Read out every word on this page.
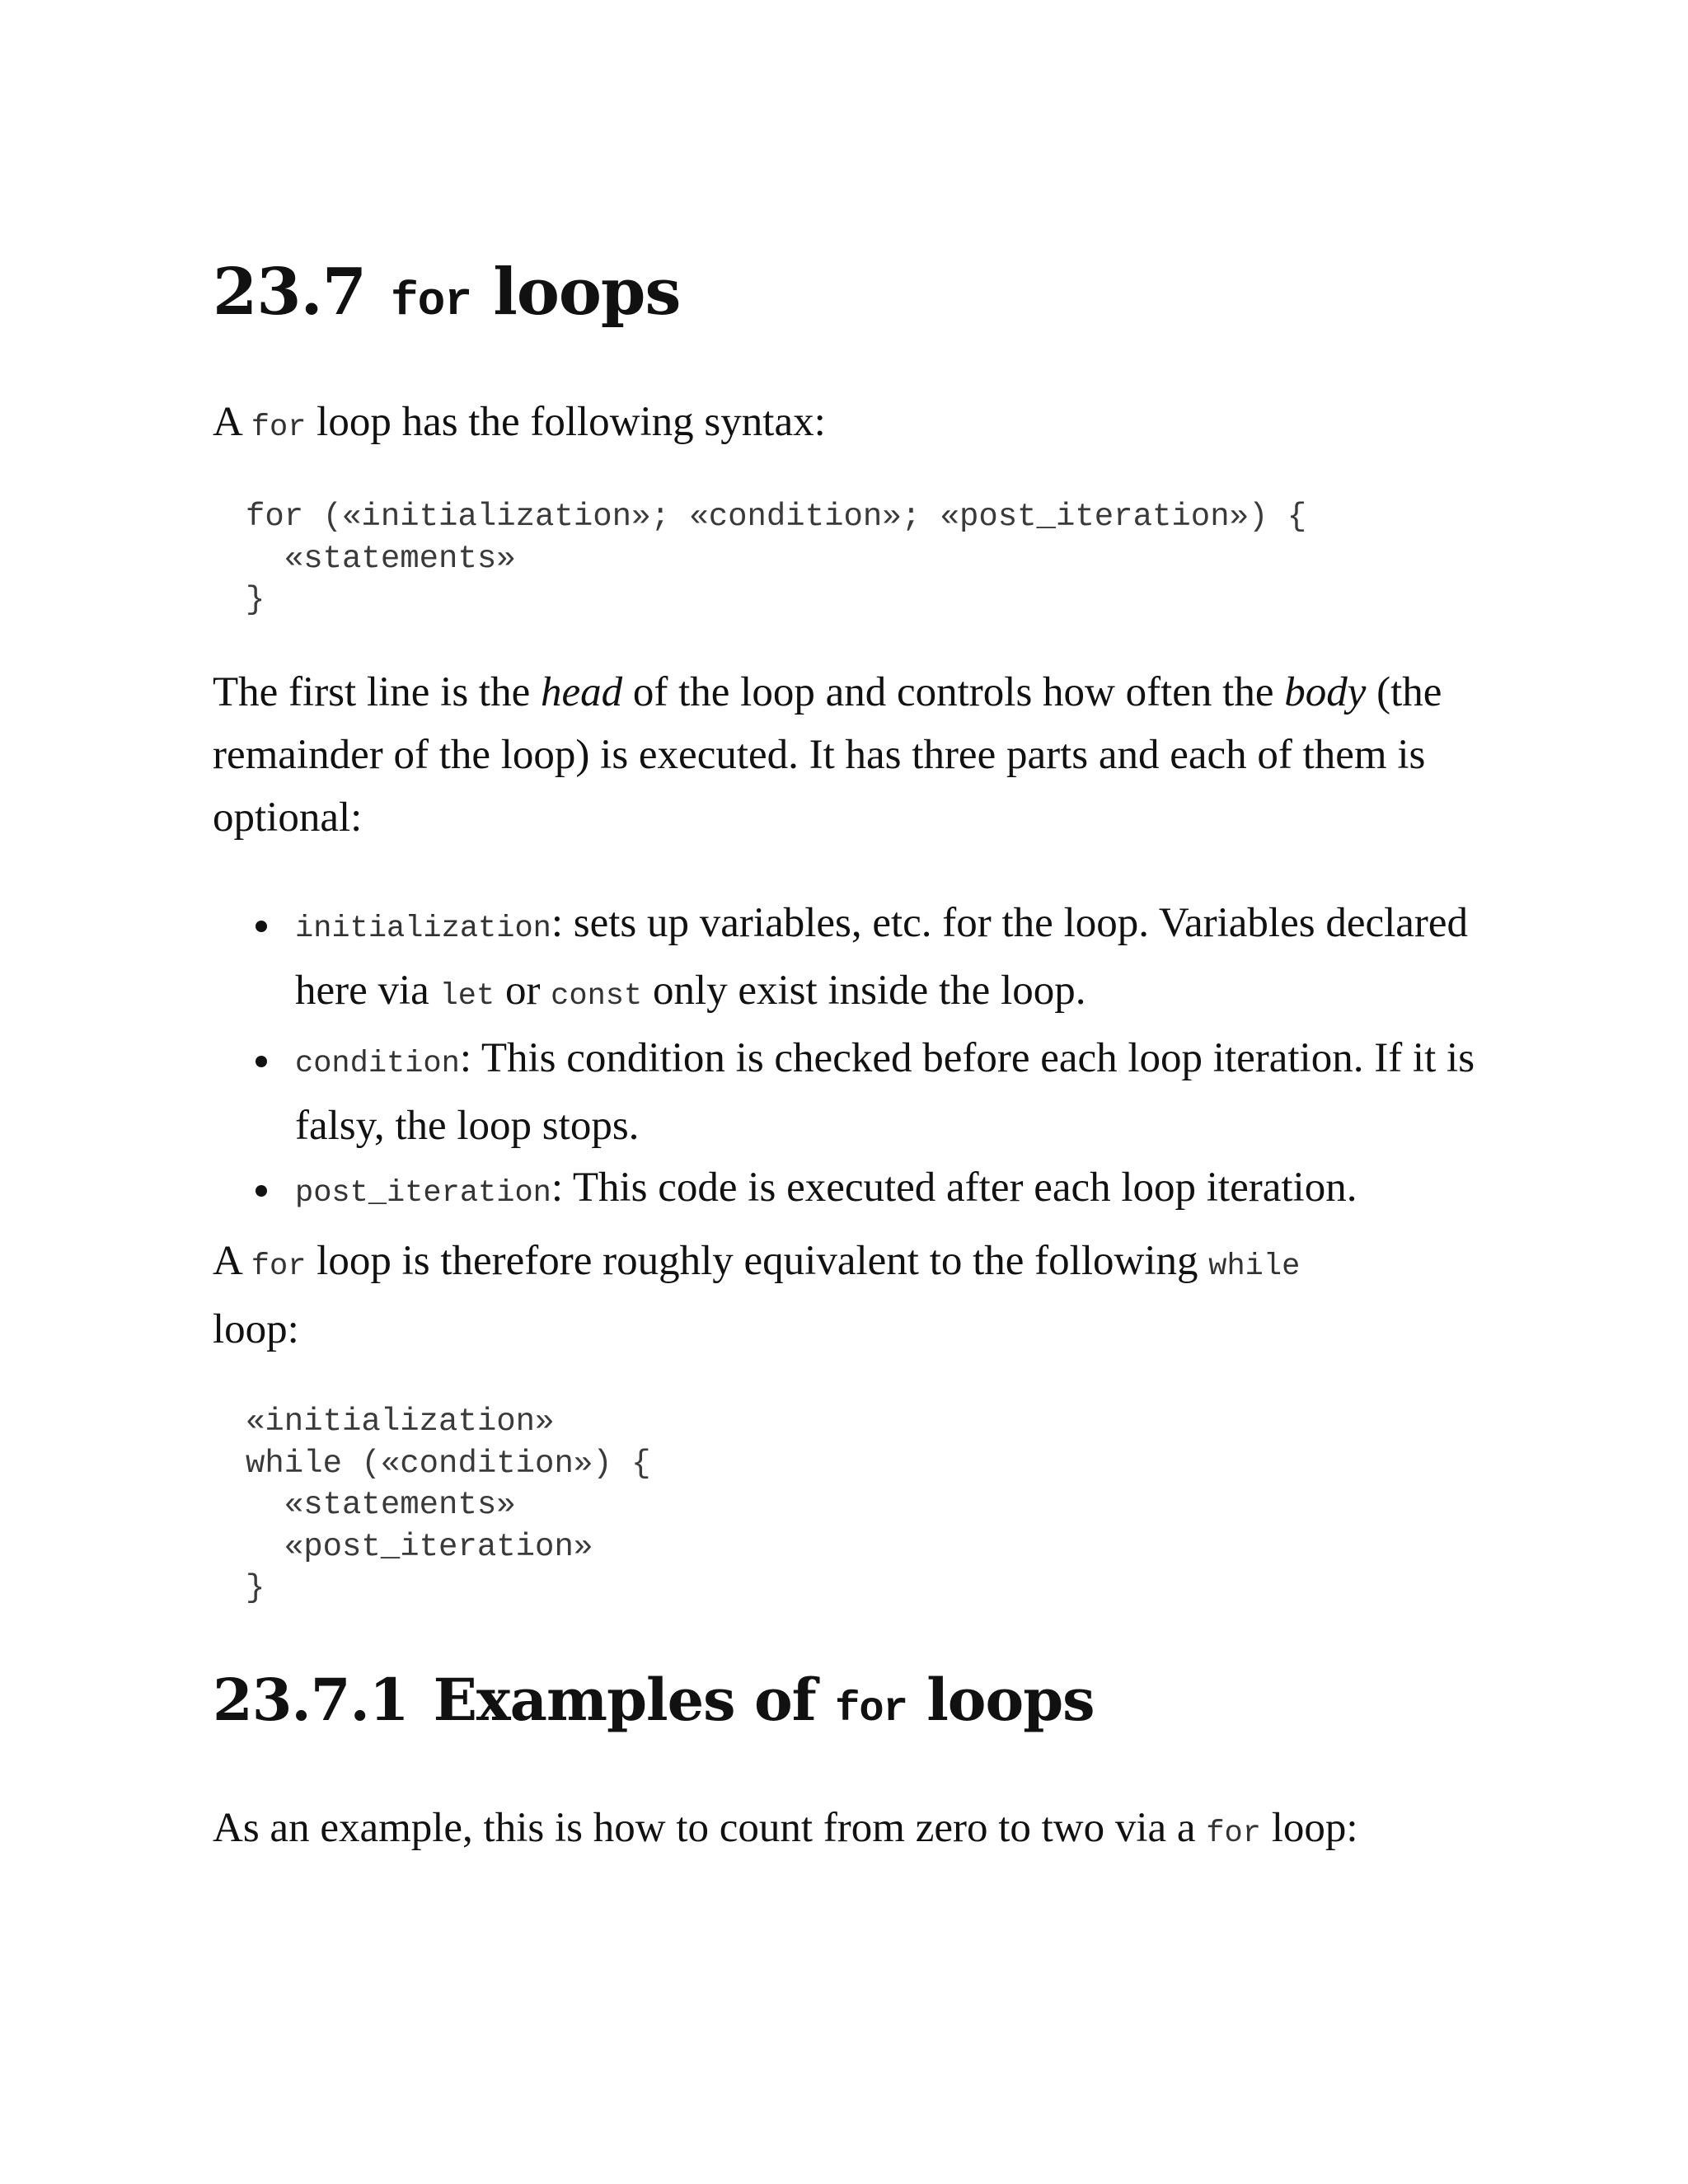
23.7 for loops

A for loop has the following syntax:

for («initialization»; «condition»; «post_iteration») {
«statements»
}

The first line is the head of the loop and controls how often the body (the remainder of the loop) is executed. It has three parts and each of them is optional:

initialization: sets up variables, etc. for the loop. Variables declared here via let or const only exist inside the loop.
condition: This condition is checked before each loop iteration. If it is falsy, the loop stops.
post_iteration: This code is executed after each loop iteration.

A for loop is therefore roughly equivalent to the following while
loop:

«initialization»
while («condition») {
«statements»
«post_iteration»
}
23.7.1 Examples of for loops

As an example, this is how to count from zero to two via a for loop:
